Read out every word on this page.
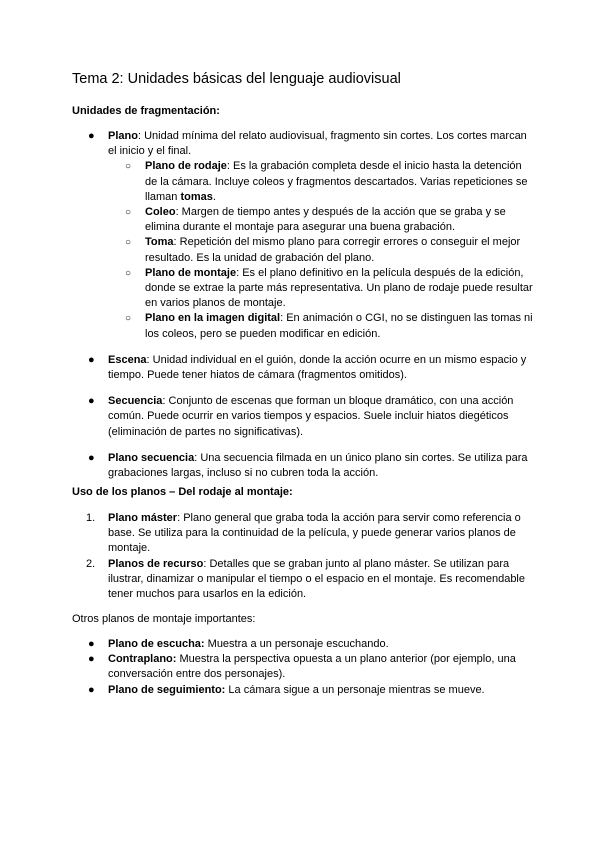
Tema 2: Unidades básicas del lenguaje audiovisual
Unidades de fragmentación:
● Plano: Unidad mínima del relato audiovisual, fragmento sin cortes. Los cortes marcan el inicio y el final.
○ Plano de rodaje: Es la grabación completa desde el inicio hasta la detención de la cámara. Incluye coleos y fragmentos descartados. Varias repeticiones se llaman tomas.
○ Coleo: Margen de tiempo antes y después de la acción que se graba y se elimina durante el montaje para asegurar una buena grabación.
○ Toma: Repetición del mismo plano para corregir errores o conseguir el mejor resultado. Es la unidad de grabación del plano.
○ Plano de montaje: Es el plano definitivo en la película después de la edición, donde se extrae la parte más representativa. Un plano de rodaje puede resultar en varios planos de montaje.
○ Plano en la imagen digital: En animación o CGI, no se distinguen las tomas ni los coleos, pero se pueden modificar en edición.
● Escena: Unidad individual en el guión, donde la acción ocurre en un mismo espacio y tiempo. Puede tener hiatos de cámara (fragmentos omitidos).
● Secuencia: Conjunto de escenas que forman un bloque dramático, con una acción común. Puede ocurrir en varios tiempos y espacios. Suele incluir hiatos diegéticos (eliminación de partes no significativas).
● Plano secuencia: Una secuencia filmada en un único plano sin cortes. Se utiliza para grabaciones largas, incluso si no cubren toda la acción.
Uso de los planos – Del rodaje al montaje:
1. Plano máster: Plano general que graba toda la acción para servir como referencia o base. Se utiliza para la continuidad de la película, y puede generar varios planos de montaje.
2. Planos de recurso: Detalles que se graban junto al plano máster. Se utilizan para ilustrar, dinamizar o manipular el tiempo o el espacio en el montaje. Es recomendable tener muchos para usarlos en la edición.

Otros planos de montaje importantes:

● Plano de escucha: Muestra a un personaje escuchando.
● Contraplano: Muestra la perspectiva opuesta a un plano anterior (por ejemplo, una conversación entre dos personajes).
● Plano de seguimiento: La cámara sigue a un personaje mientras se mueve.
